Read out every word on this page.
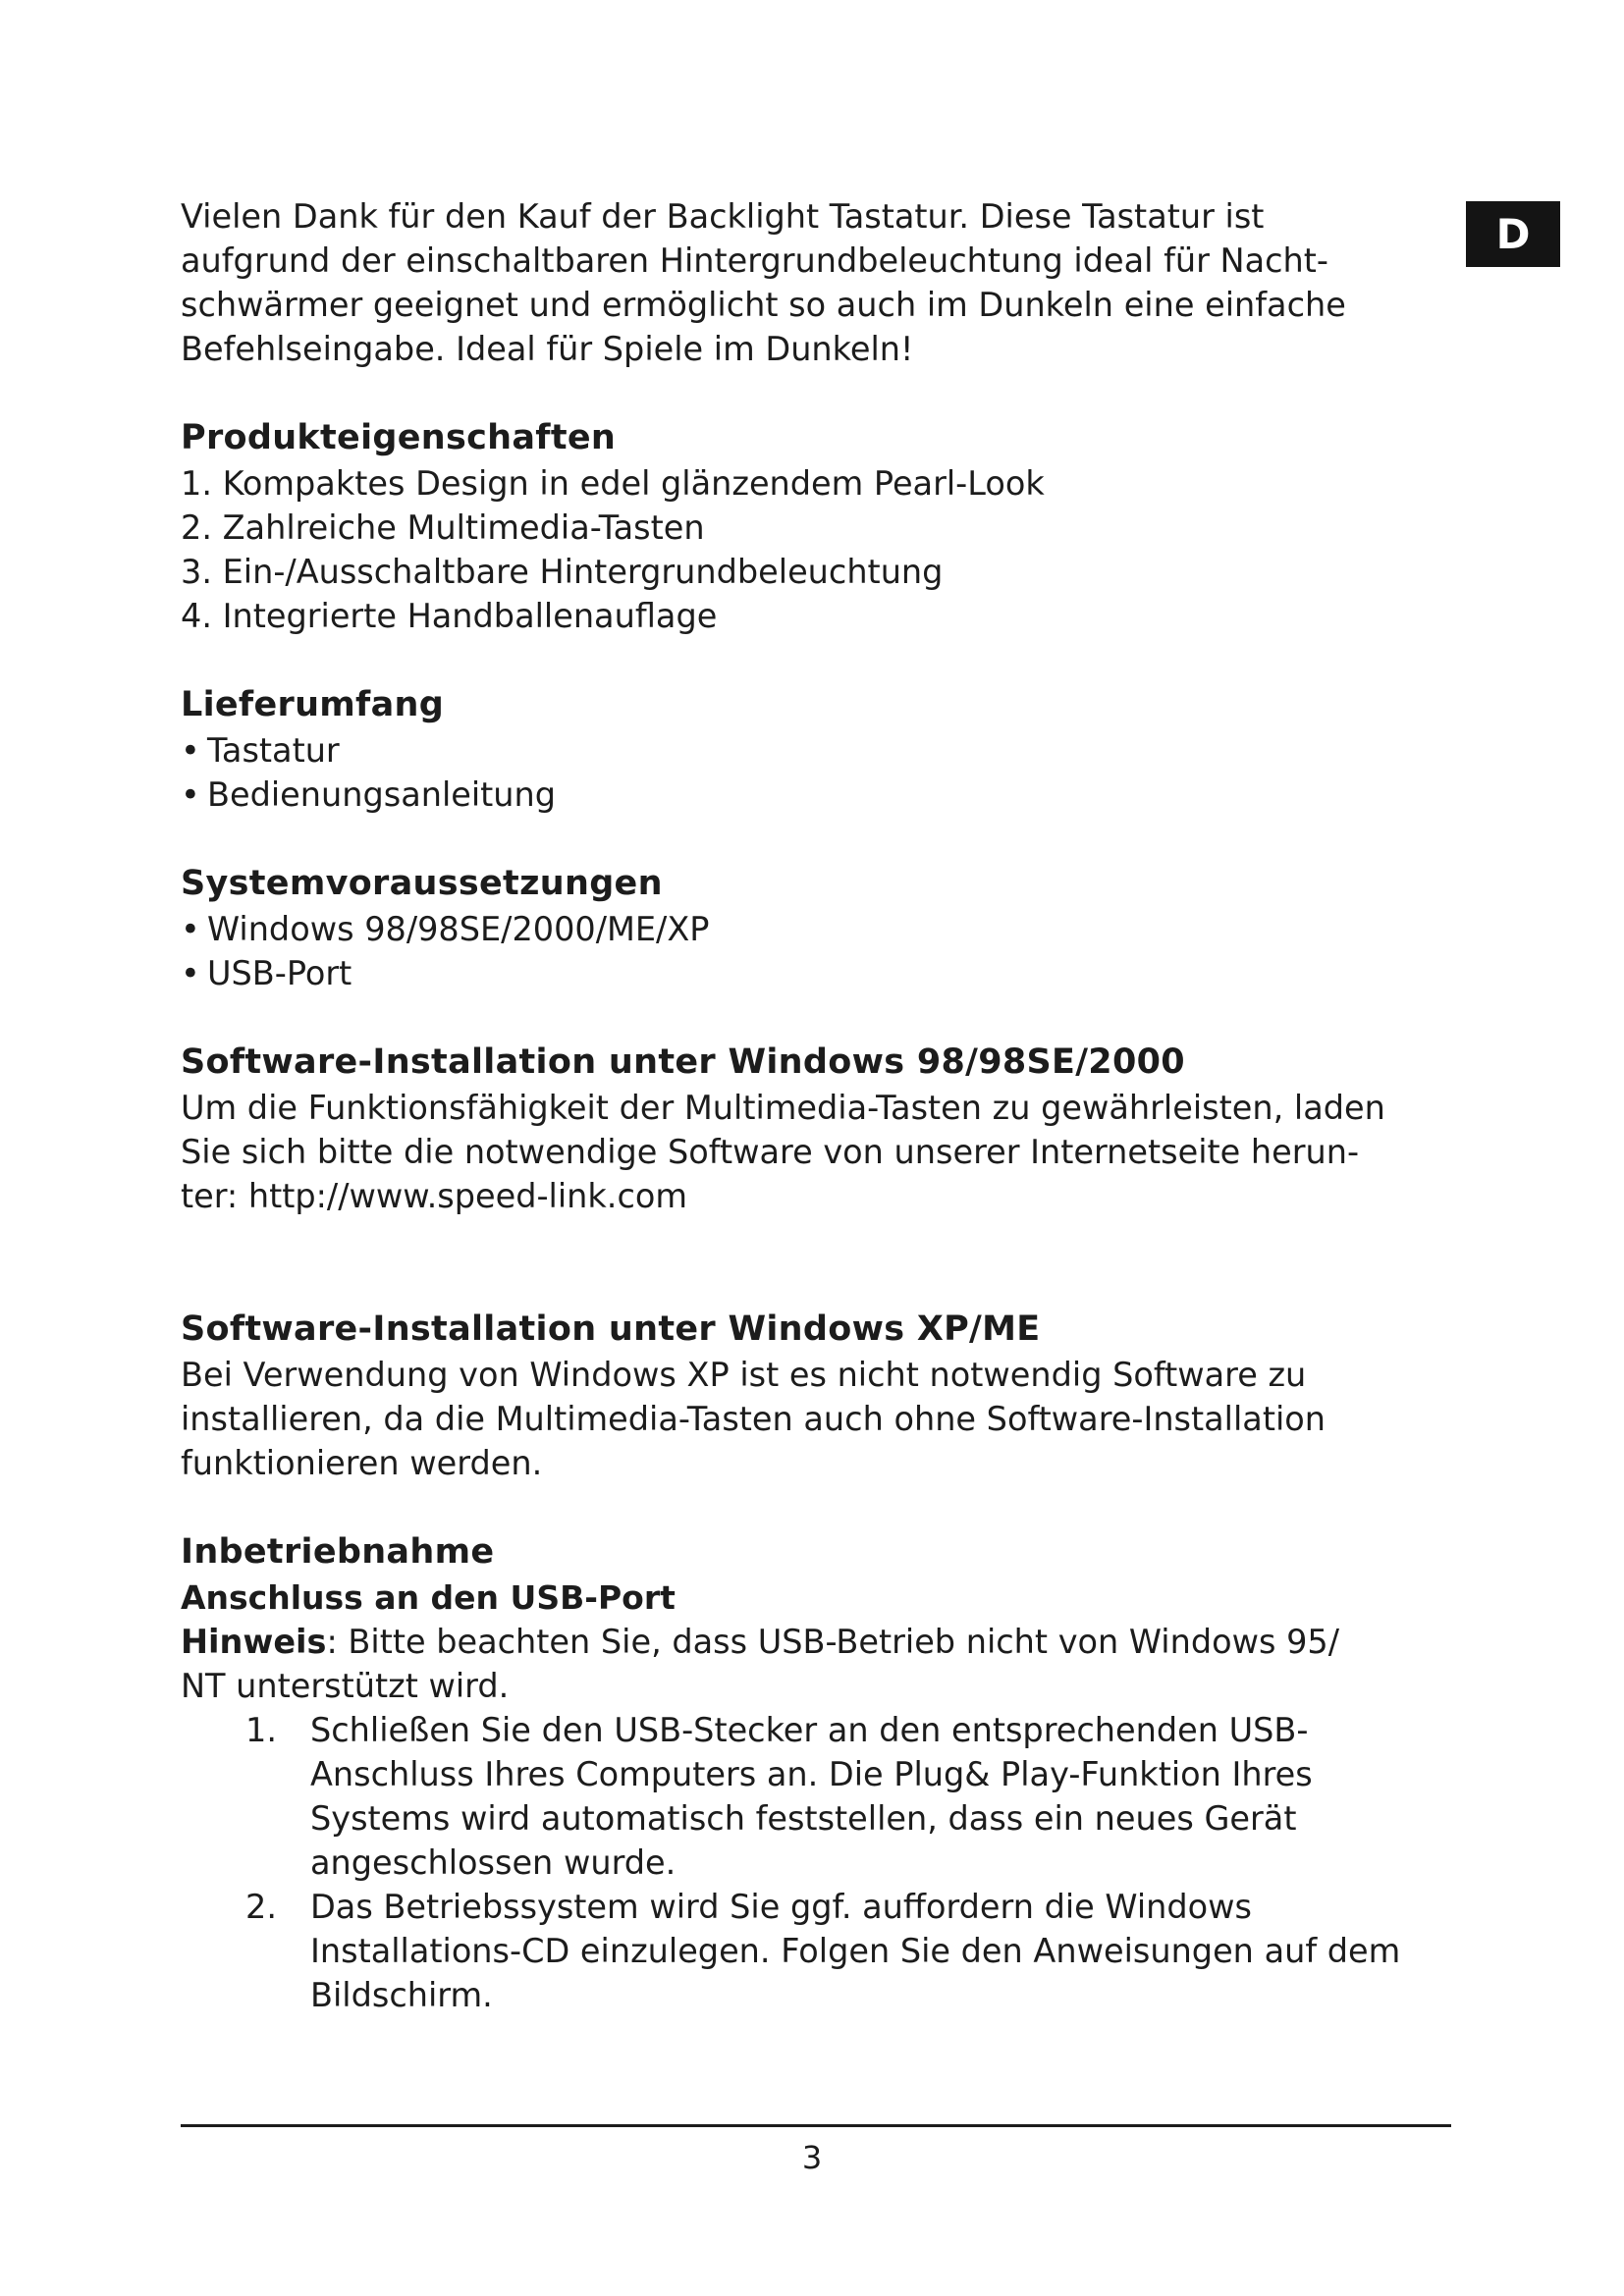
D

Vielen Dank für den Kauf der Backlight Tastatur. Diese Tastatur ist
aufgrund der einschaltbaren Hintergrundbeleuchtung ideal für Nacht-
schwärmer geeignet und ermöglicht so auch im Dunkeln eine einfache
Befehlseingabe. Ideal für Spiele im Dunkeln!

Produkteigenschaften
1. Kompaktes Design in edel glänzendem Pearl-Look
2. Zahlreiche Multimedia-Tasten
3. Ein-/Ausschaltbare Hintergrundbeleuchtung
4. Integrierte Handballenauflage
Lieferumfang
• Tastatur
• Bedienungsanleitung
Systemvoraussetzungen
• Windows 98/98SE/2000/ME/XP
• USB-Port
Software-Installation unter Windows 98/98SE/2000

Um die Funktionsfähigkeit der Multimedia-Tasten zu gewährleisten, laden
Sie sich bitte die notwendige Software von unserer Internetseite herun-
ter: http://www.speed-link.com

Software-Installation unter Windows XP/ME

Bei Verwendung von Windows XP ist es nicht notwendig Software zu
installieren, da die Multimedia-Tasten auch ohne Software-Installation
funktionieren werden.

Inbetriebnahme
Anschluss an den USB-Port

Hinweis: Bitte beachten Sie, dass USB-Betrieb nicht von Windows 95/
NT unterstützt wird.

1. Schließen Sie den USB-Stecker an den entsprechenden USB-
Anschluss Ihres Computers an. Die Plug& Play-Funktion Ihres
Systems wird automatisch feststellen, dass ein neues Gerät
angeschlossen wurde.
2. Das Betriebssystem wird Sie ggf. auffordern die Windows
Installations-CD einzulegen. Folgen Sie den Anweisungen auf dem
Bildschirm.
3
